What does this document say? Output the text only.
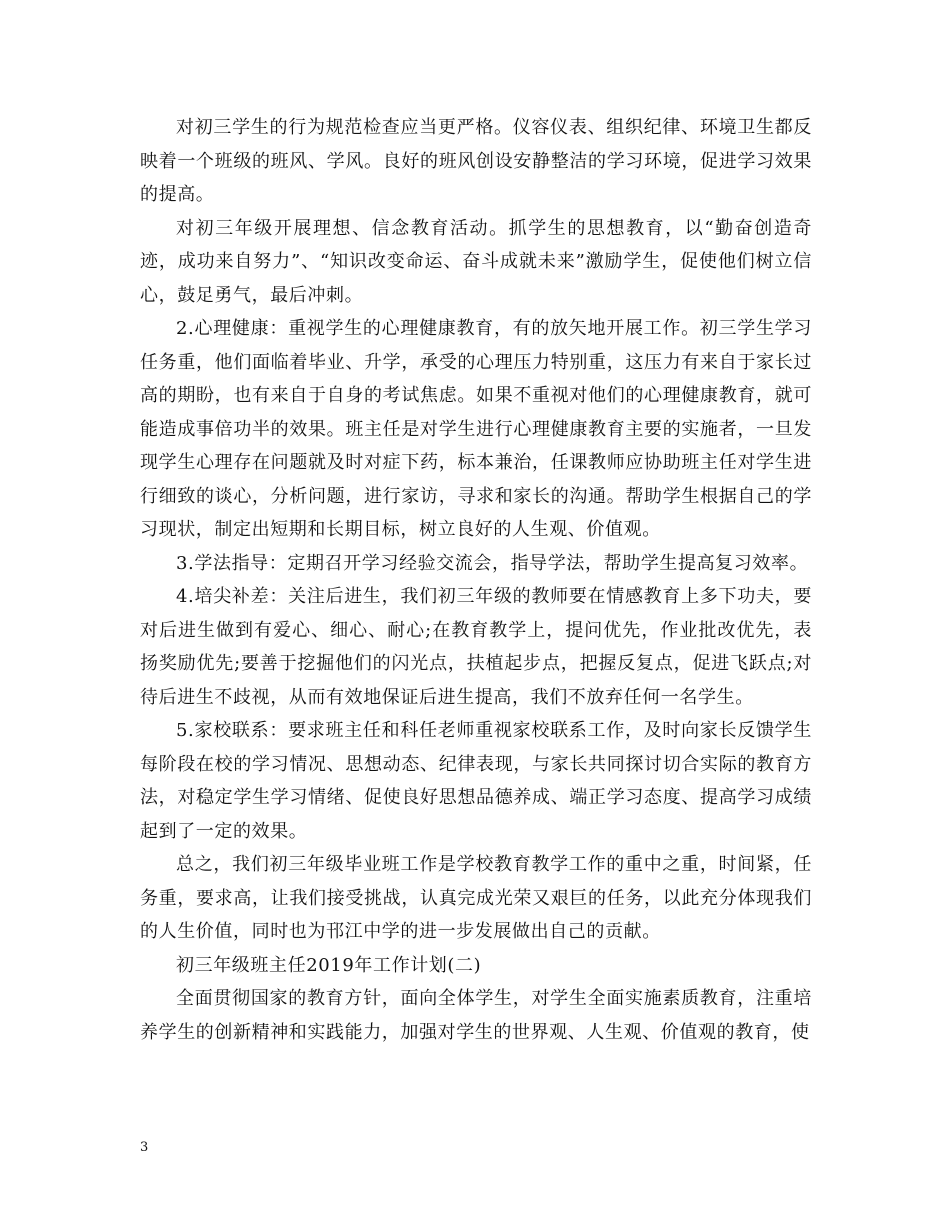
对初三学生的行为规范检查应当更严格。仪容仪表、组织纪律、环境卫生都反映着一个班级的班风、学风。良好的班风创设安静整洁的学习环境，促进学习效果的提高。

对初三年级开展理想、信念教育活动。抓学生的思想教育，以“勤奋创造奇迹，成功来自努力”、“知识改变命运、奋斗成就未来”激励学生，促使他们树立信心，鼓足勇气，最后冲刺。

2.心理健康：重视学生的心理健康教育，有的放矢地开展工作。初三学生学习任务重，他们面临着毕业、升学，承受的心理压力特别重，这压力有来自于家长过高的期盼，也有来自于自身的考试焦虑。如果不重视对他们的心理健康教育，就可能造成事倍功半的效果。班主任是对学生进行心理健康教育主要的实施者，一旦发现学生心理存在问题就及时对症下药，标本兼治，任课教师应协助班主任对学生进行细致的谈心，分析问题，进行家访，寻求和家长的沟通。帮助学生根据自己的学习现状，制定出短期和长期目标，树立良好的人生观、价值观。

3.学法指导：定期召开学习经验交流会，指导学法，帮助学生提高复习效率。

4.培尖补差：关注后进生，我们初三年级的教师要在情感教育上多下功夫，要对后进生做到有爱心、细心、耐心;在教育教学上，提问优先，作业批改优先，表扬奖励优先;要善于挖掘他们的闪光点，扶植起步点，把握反复点，促进飞跃点;对待后进生不歧视，从而有效地保证后进生提高，我们不放弃任何一名学生。

5.家校联系：要求班主任和科任老师重视家校联系工作，及时向家长反馈学生每阶段在校的学习情况、思想动态、纪律表现，与家长共同探讨切合实际的教育方法，对稳定学生学习情绪、促使良好思想品德养成、端正学习态度、提高学习成绩起到了一定的效果。

总之，我们初三年级毕业班工作是学校教育教学工作的重中之重，时间紧，任务重，要求高，让我们接受挑战，认真完成光荣又艰巨的任务，以此充分体现我们的人生价值，同时也为邗江中学的进一步发展做出自己的贡献。

初三年级班主任2019年工作计划(二)

全面贯彻国家的教育方针，面向全体学生，对学生全面实施素质教育，注重培养学生的创新精神和实践能力，加强对学生的世界观、人生观、价值观的教育，使

3
